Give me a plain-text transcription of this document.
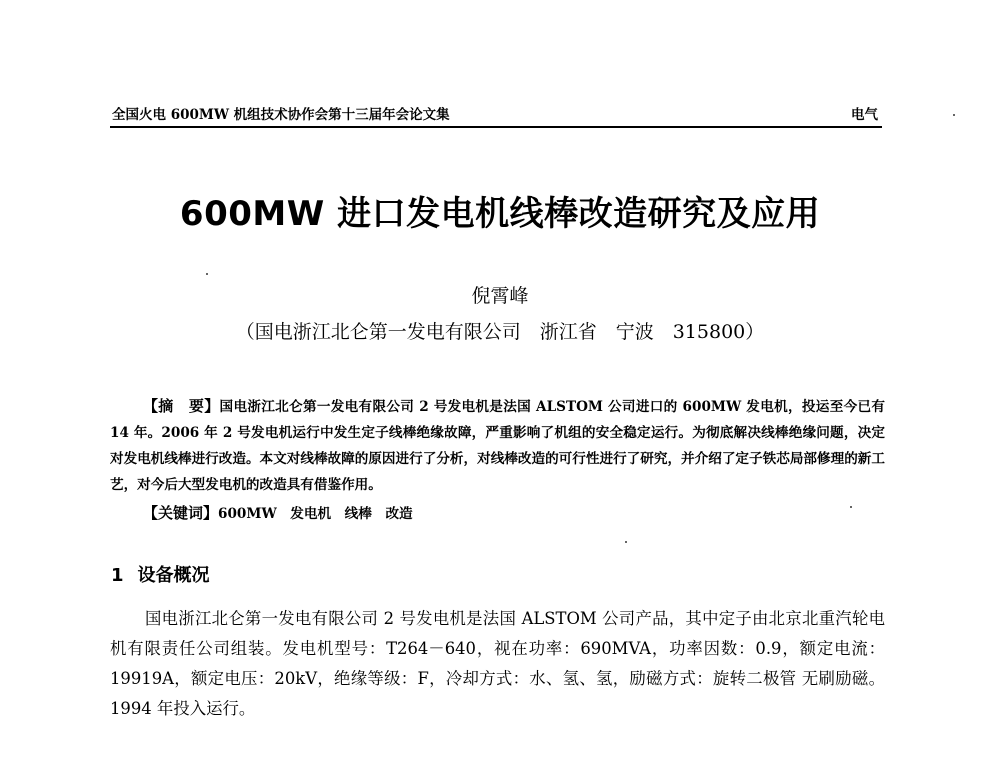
全国火电 600MW 机组技术协作会第十三届年会论文集	电气
600MW 进口发电机线棒改造研究及应用
倪霄峰
（国电浙江北仑第一发电有限公司　浙江省　宁波　315800）

【摘　要】国电浙江北仑第一发电有限公司 2 号发电机是法国 ALSTOM 公司进口的 600MW 发电机，投运至今已有 14 年。2006 年 2 号发电机运行中发生定子线棒绝缘故障，严重影响了机组的安全稳定运行。为彻底解决线棒绝缘问题，决定对发电机线棒进行改造。本文对线棒故障的原因进行了分析，对线棒改造的可行性进行了研究，并介绍了定子铁芯局部修理的新工艺，对今后大型发电机的改造具有借鉴作用。

【关键词】600MW　发电机　线棒　改造
1 设备概况

国电浙江北仑第一发电有限公司 2 号发电机是法国 ALSTOM 公司产品，其中定子由北京北重汽轮电机有限责任公司组装。发电机型号：T264－640，视在功率：690MVA，功率因数：0.9，额定电流：19919A，额定电压：20kV，绝缘等级：F，冷却方式：水、氢、氢，励磁方式：旋转二极管 无刷励磁。1994 年投入运行。
